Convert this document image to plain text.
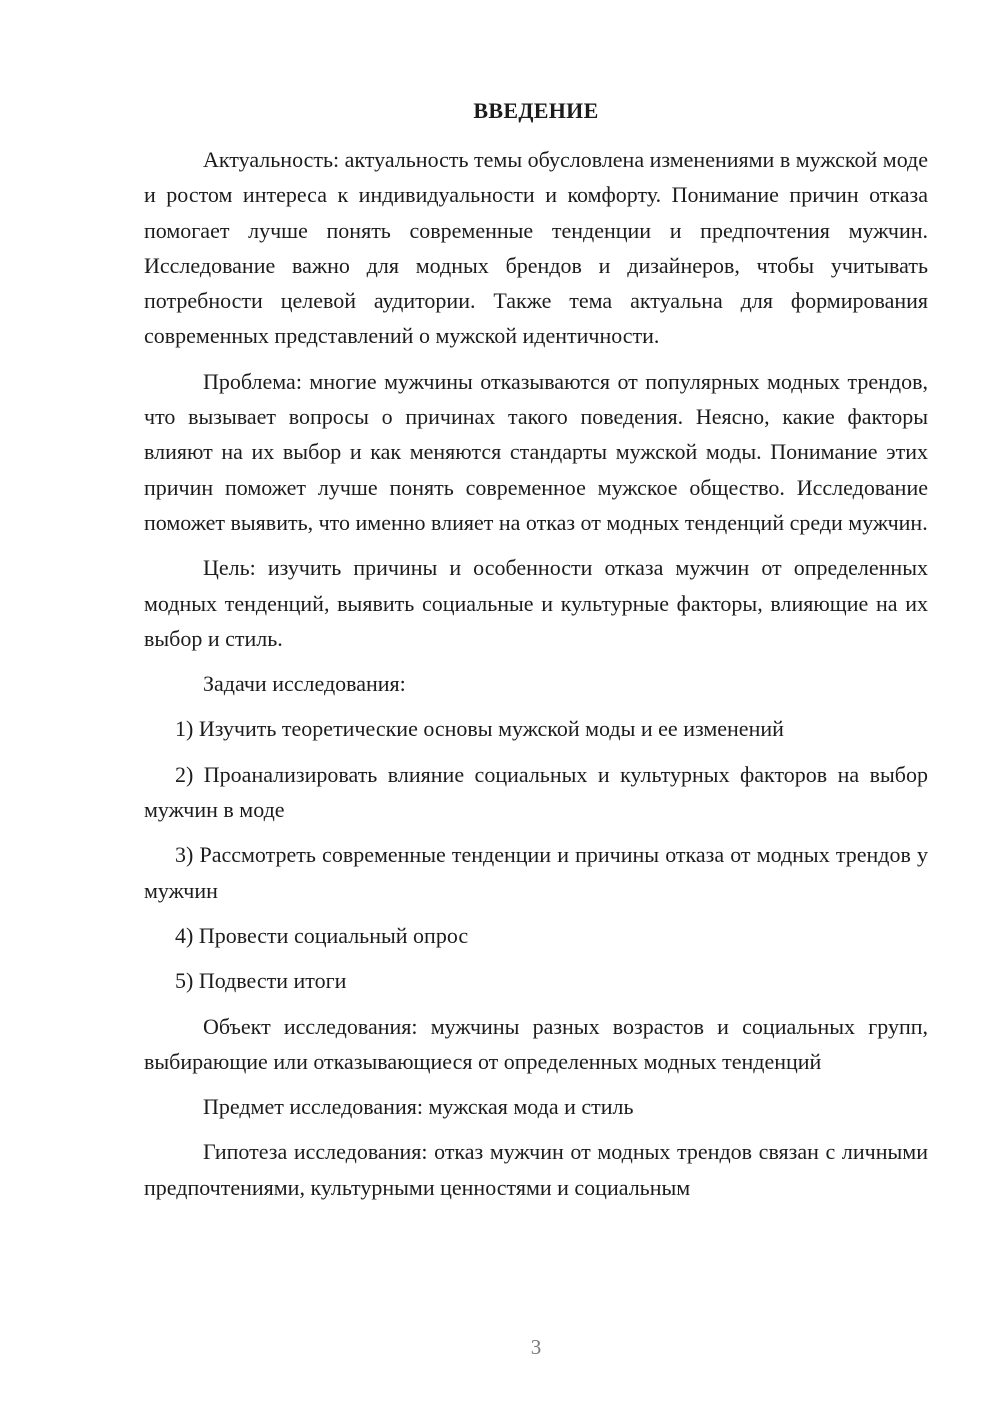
ВВЕДЕНИЕ

Актуальность: актуальность темы обусловлена изменениями в мужской моде и ростом интереса к индивидуальности и комфорту. Понимание причин отказа помогает лучше понять современные тенденции и предпочтения мужчин. Исследование важно для модных брендов и дизайнеров, чтобы учитывать потребности целевой аудитории. Также тема актуальна для формирования современных представлений о мужской идентичности.

Проблема: многие мужчины отказываются от популярных модных трендов, что вызывает вопросы о причинах такого поведения. Неясно, какие факторы влияют на их выбор и как меняются стандарты мужской моды. Понимание этих причин поможет лучше понять современное мужское общество. Исследование поможет выявить, что именно влияет на отказ от модных тенденций среди мужчин.

Цель: изучить причины и особенности отказа мужчин от определенных модных тенденций, выявить социальные и культурные факторы, влияющие на их выбор и стиль.

Задачи исследования:

1) Изучить теоретические основы мужской моды и ее изменений

2) Проанализировать влияние социальных и культурных факторов на выбор мужчин в моде

3) Рассмотреть современные тенденции и причины отказа от модных трендов у мужчин

4) Провести социальный опрос

5) Подвести итоги

Объект исследования: мужчины разных возрастов и социальных групп, выбирающие или отказывающиеся от определенных модных тенденций

Предмет исследования: мужская мода и стиль

Гипотеза исследования: отказ мужчин от модных трендов связан с личными предпочтениями, культурными ценностями и социальным

3
